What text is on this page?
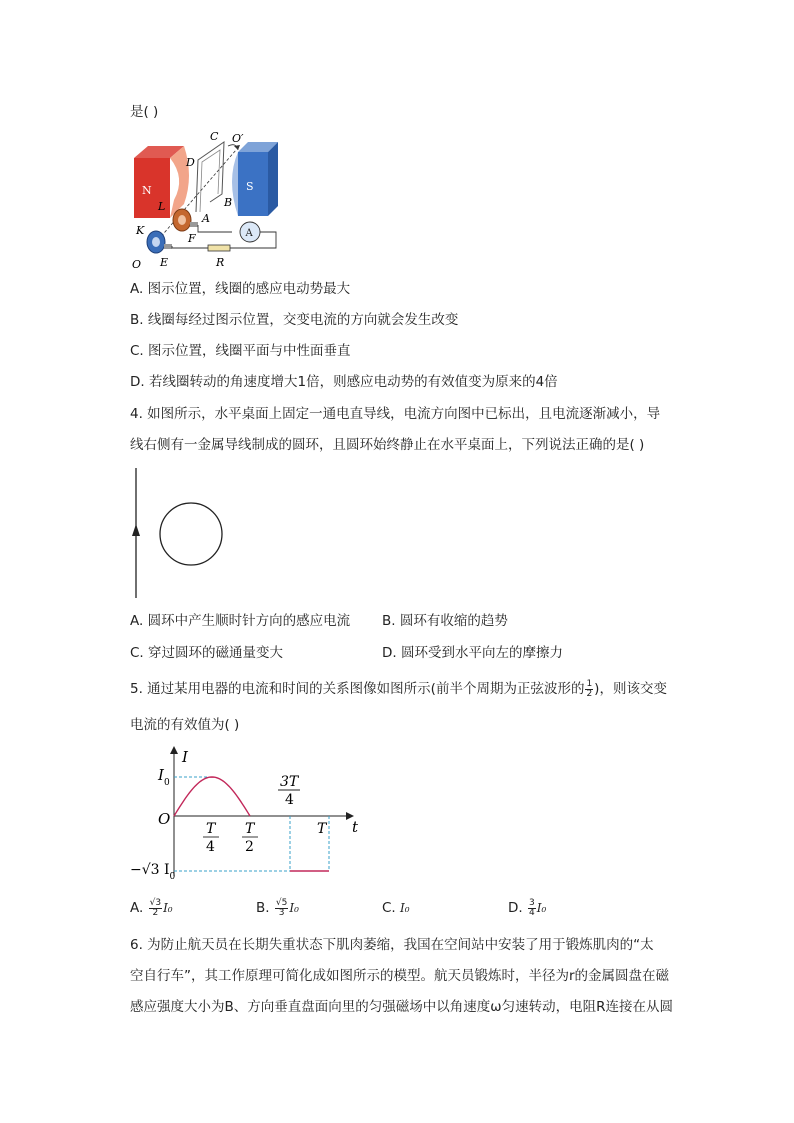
是( )
N	S
A
C O′
D
B
L
A
K
F
O E	R
A. 图示位置，线圈的感应电动势最大
B. 线圈每经过图示位置，交变电流的方向就会发生改变
C. 图示位置，线圈平面与中性面垂直
D. 若线圈转动的角速度增大1倍，则感应电动势的有效值变为原来的4倍
4. 如图所示，水平桌面上固定一通电直导线，电流方向图中已标出，且电流逐渐减小，导
线右侧有一金属导线制成的圆环，且圆环始终静止在水平桌面上，下列说法正确的是( )
A. 圆环中产生顺时针方向的感应电流 B. 圆环有收缩的趋势
C. 穿过圆环的磁通量变大	D. 圆环受到水平向左的摩擦力
5. 通过某用电器的电流和时间的关系图像如图所示(前半个周期为正弦波形的 $\frac{1}{2}$ )，则该交变
电流的有效值为( )
I
t
O
$I_0$
−√3 $I_0$
T
4
T
2
3T
4
T
A. $\frac{√3}{2} I_0$	B. $\frac{√5}{3} I_0$	C. I₀	D. $\frac{3}{4} I_0$
6. 为防止航天员在长期失重状态下肌肉萎缩，我国在空间站中安装了用于锻炼肌肉的“太
空自行车”，其工作原理可简化成如图所示的模型。航天员锻炼时，半径为r的金属圆盘在磁
感应强度大小为B、方向垂直盘面向里的匀强磁场中以角速度ω匀速转动，电阻R连接在从圆
